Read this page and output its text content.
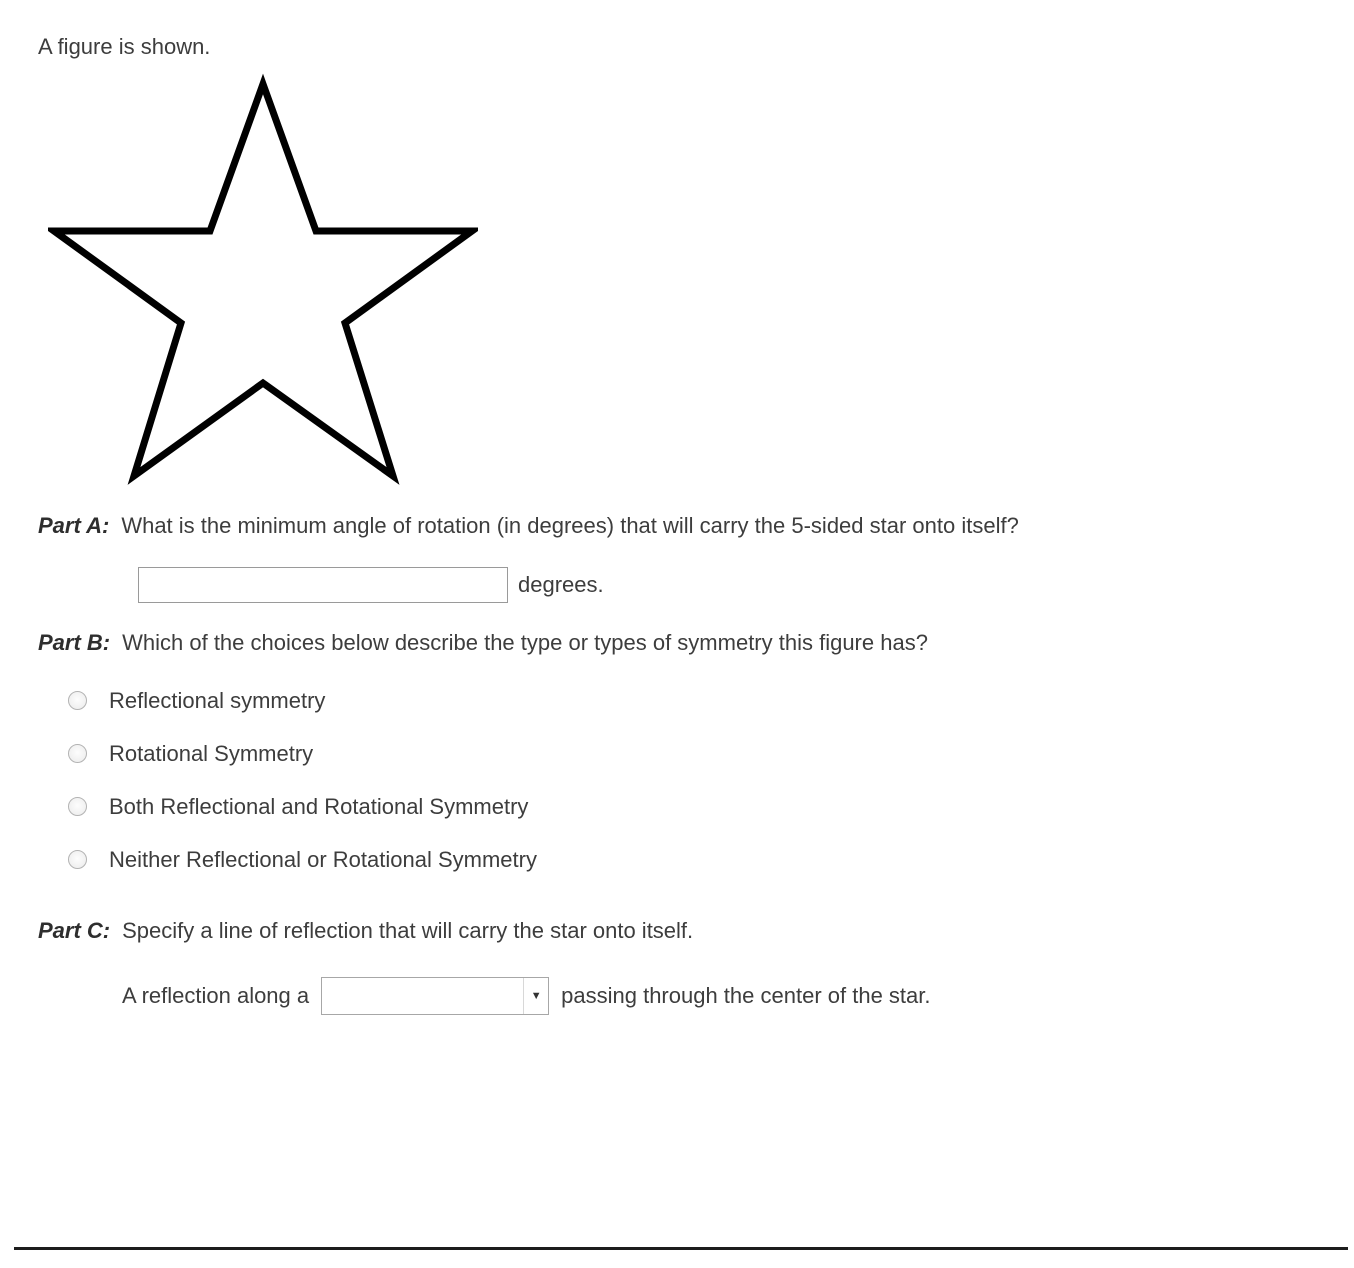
A figure is shown.

Part A: What is the minimum angle of rotation (in degrees) that will carry the 5-sided star onto itself?
degrees.
Part B: Which of the choices below describe the type or types of symmetry this figure has?
Reflectional symmetry
Rotational Symmetry
Both Reflectional and Rotational Symmetry
Neither Reflectional or Rotational Symmetry
Part C: Specify a line of reflection that will carry the star onto itself.
A reflection along a	▼ passing through the center of the star.
